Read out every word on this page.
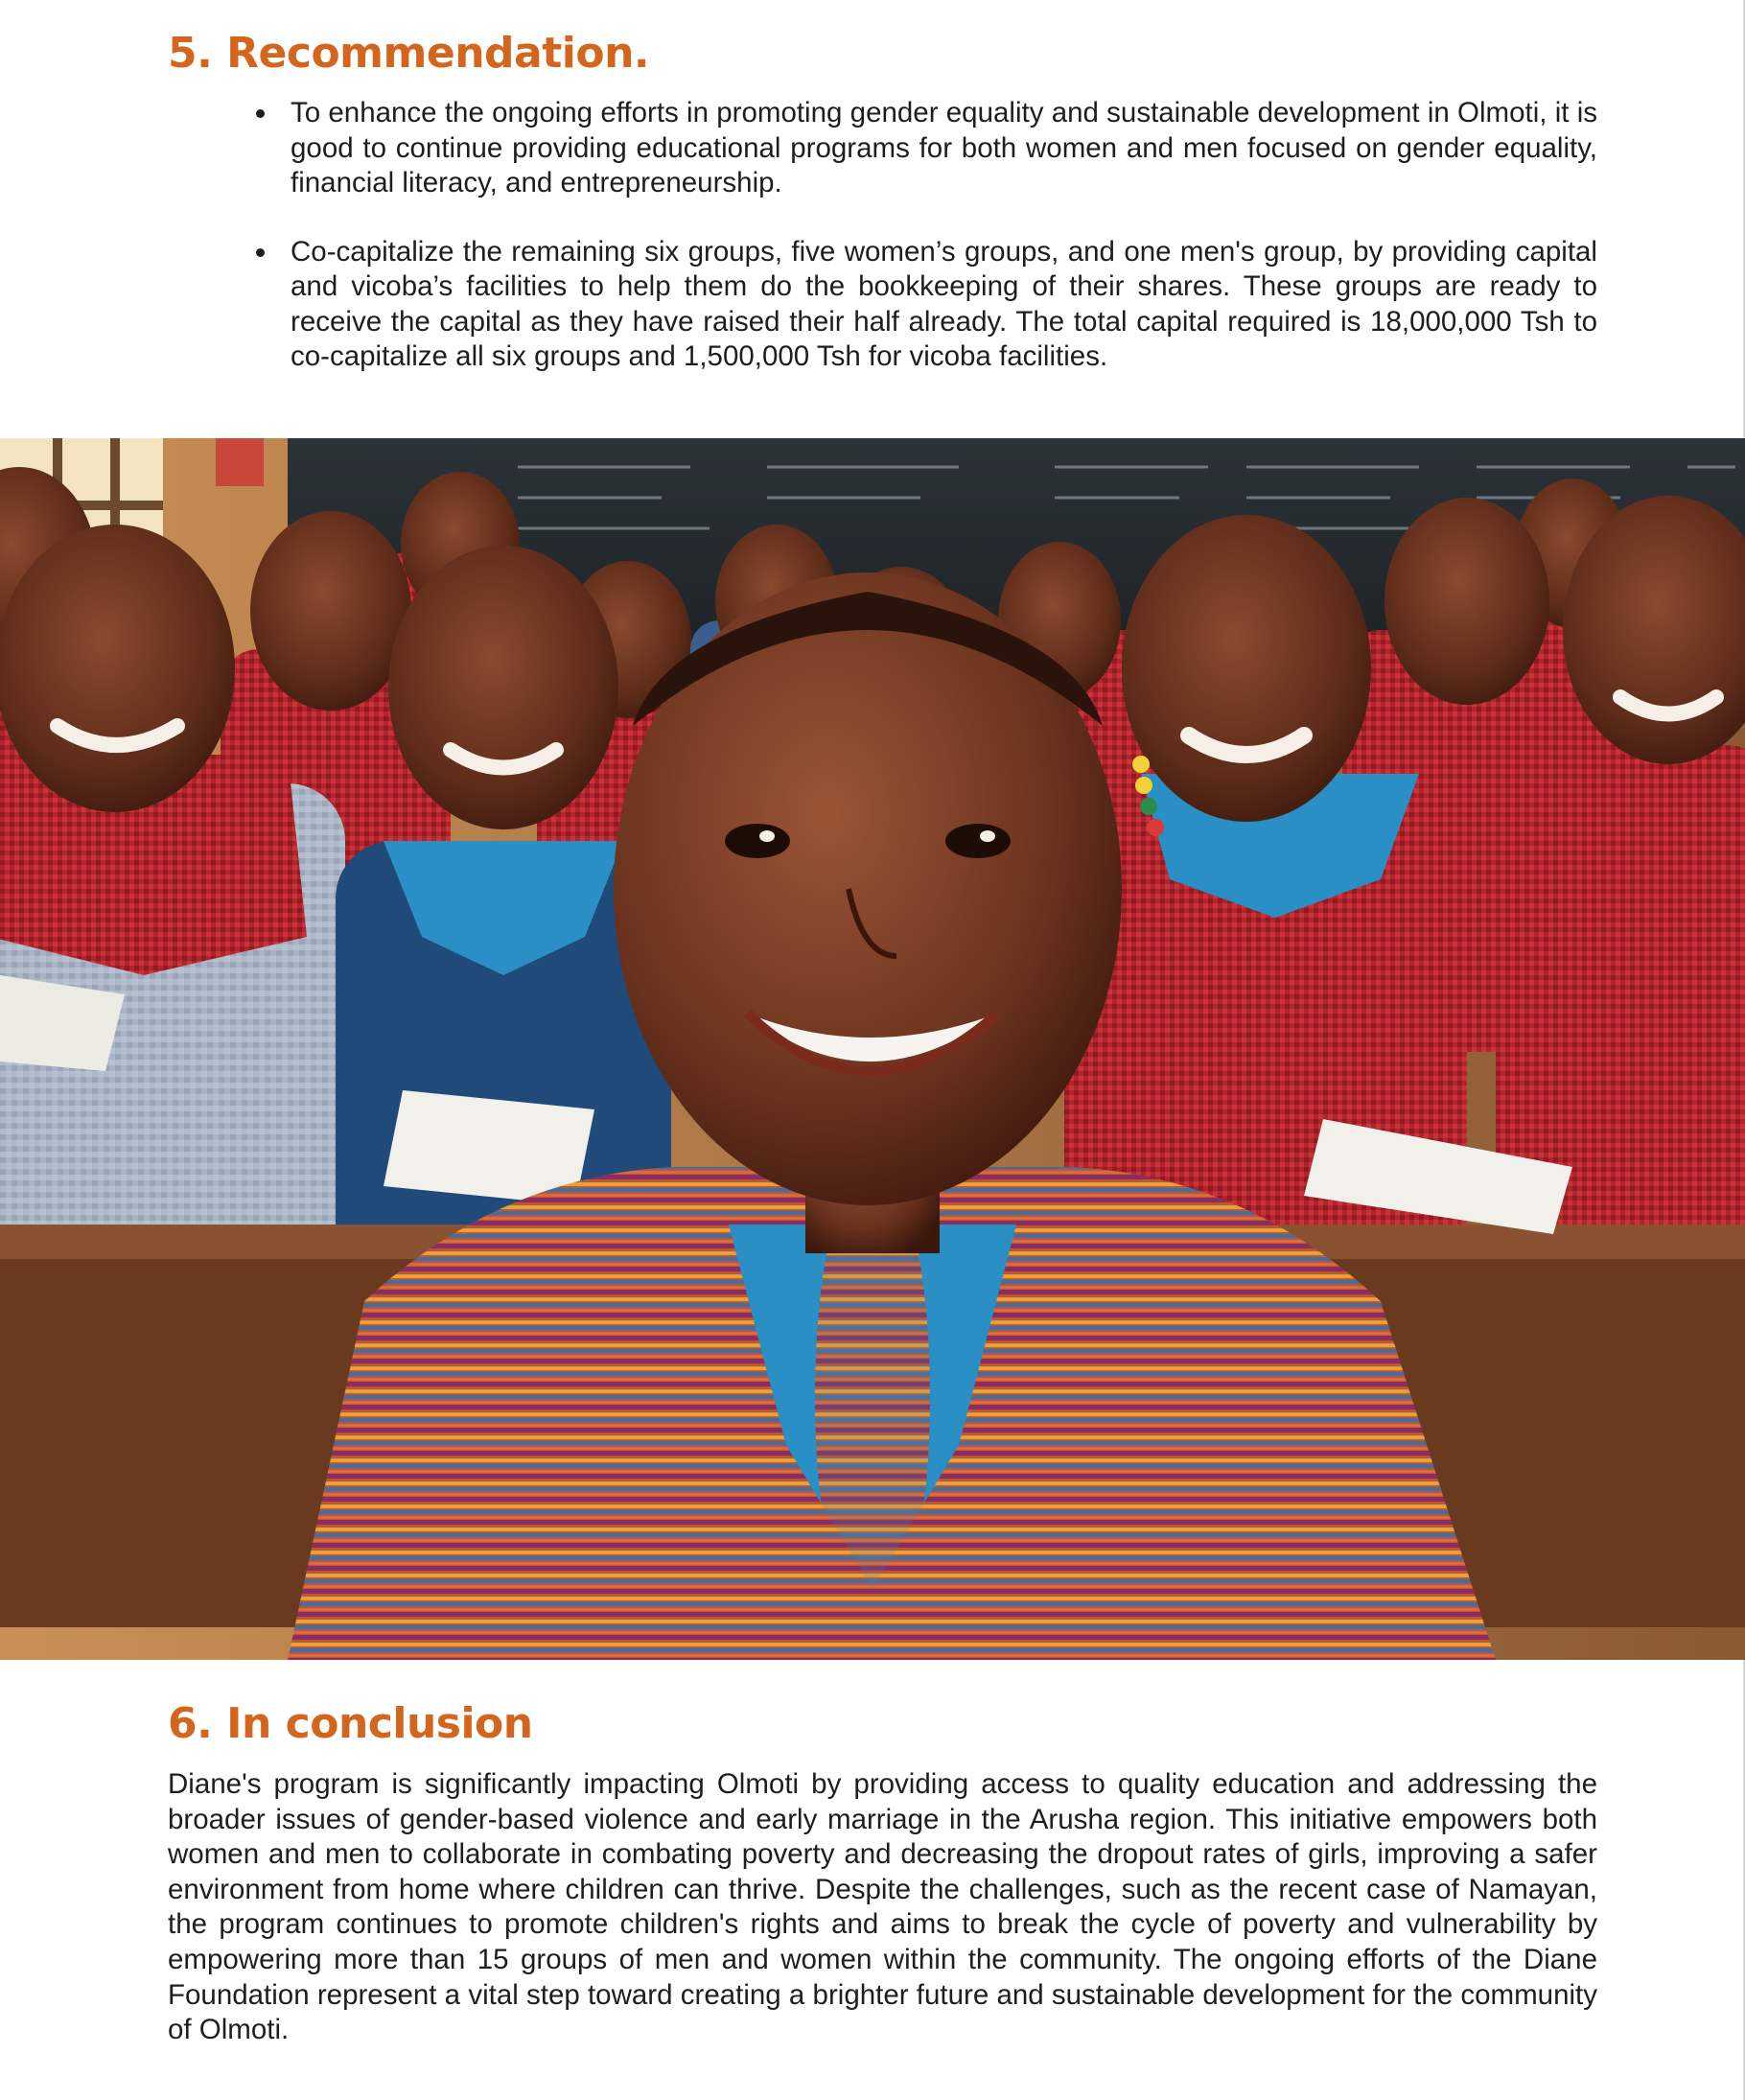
5. Recommendation.
To enhance the ongoing efforts in promoting gender equality and sustainable development in Olmoti, it is good to continue providing educational programs for both women and men focused on gender equality, financial literacy, and entrepreneurship.
Co-capitalize the remaining six groups, five women’s groups, and one men's group, by providing capital and vicoba’s facilities to help them do the bookkeeping of their shares. These groups are ready to receive the capital as they have raised their half already. The total capital required is 18,000,000 Tsh to co-capitalize all six groups and 1,500,000 Tsh for vicoba facilities.
6. In conclusion

Diane's program is significantly impacting Olmoti by providing access to quality education and addressing the broader issues of gender-based violence and early marriage in the Arusha region. This initiative empowers both women and men to collaborate in combating poverty and decreasing the dropout rates of girls, improving a safer environment from home where children can thrive. Despite the challenges, such as the recent case of Namayan, the program continues to promote children's rights and aims to break the cycle of poverty and vulnerability by empowering more than 15 groups of men and women within the community. The ongoing efforts of the Diane Foundation represent a vital step toward creating a brighter future and sustainable development for the community of Olmoti.
